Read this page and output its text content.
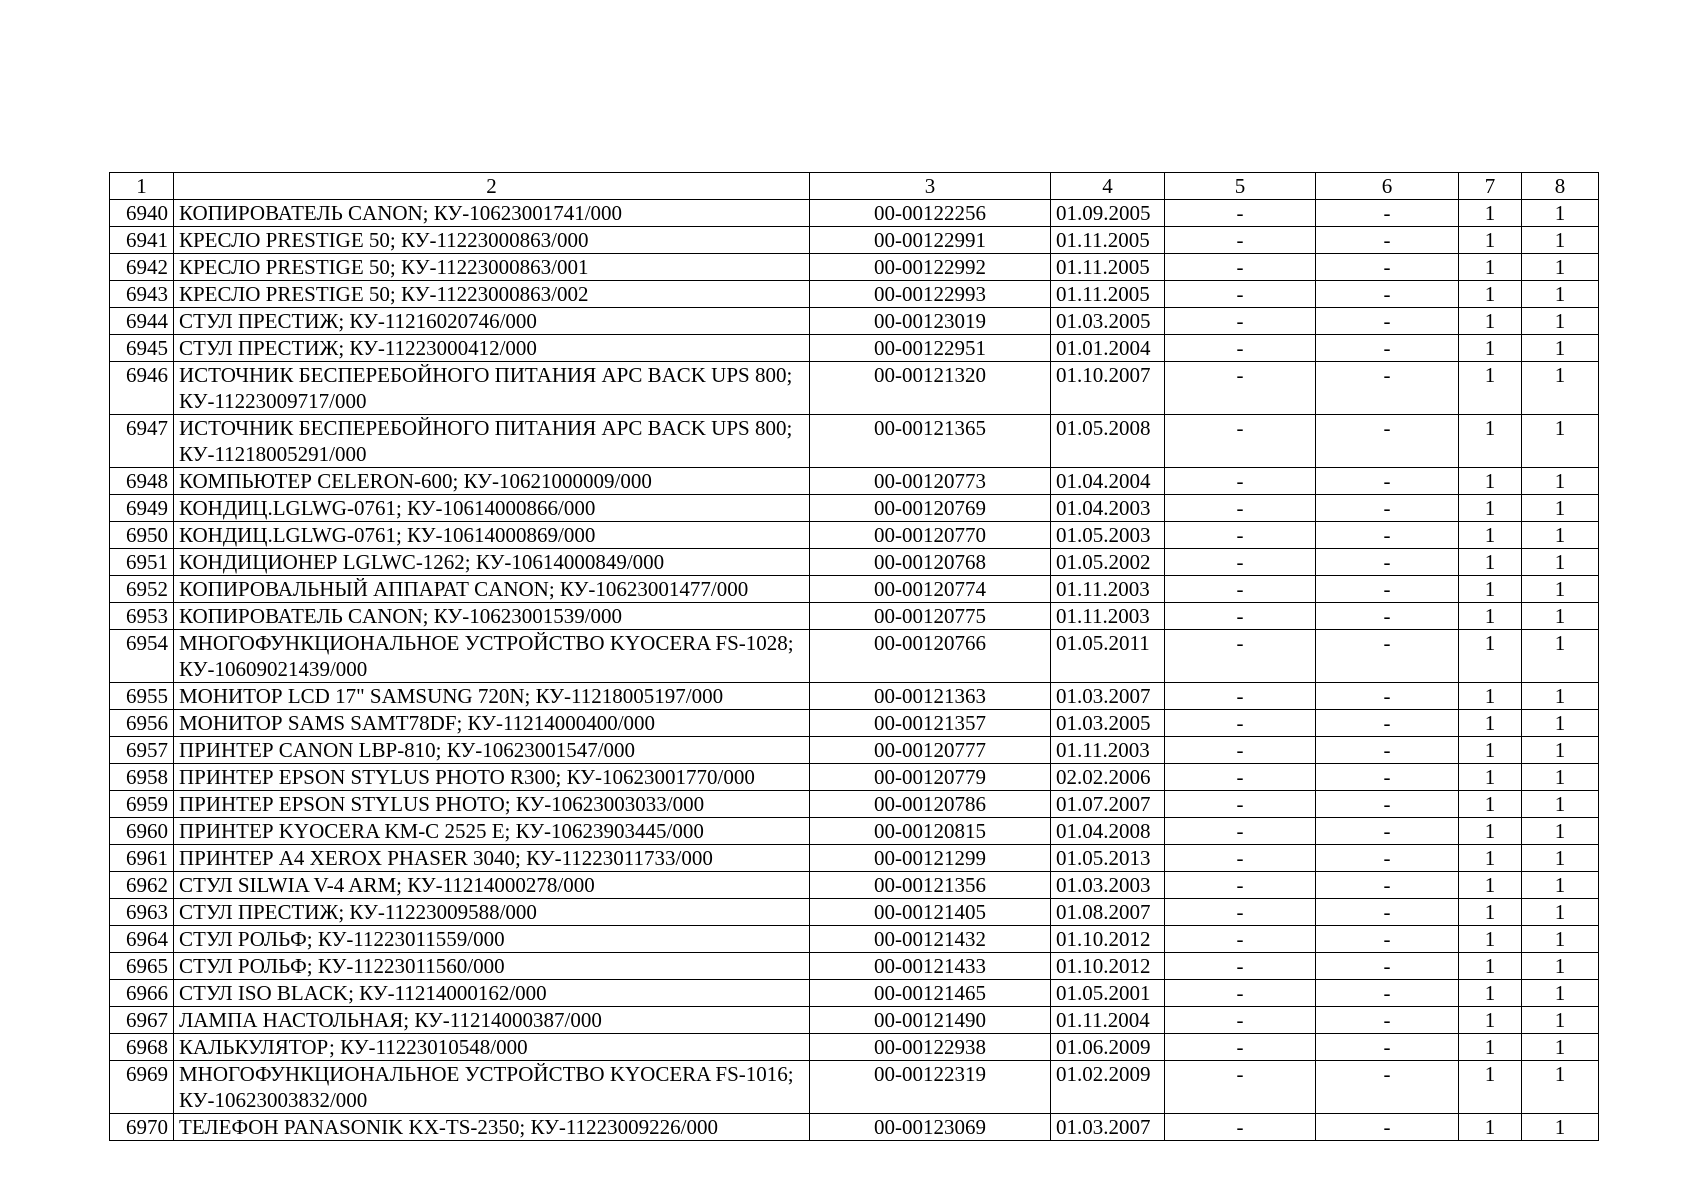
1	2	3	4	5	6	7	8
6940	КОПИРОВАТЕЛЬ CANON; КУ-10623001741/000	00-00122256	01.09.2005	-	-	1	1
6941	КРЕСЛО PRESTIGE 50; КУ-11223000863/000	00-00122991	01.11.2005	-	-	1	1
6942	КРЕСЛО PRESTIGE 50; КУ-11223000863/001	00-00122992	01.11.2005	-	-	1	1
6943	КРЕСЛО PRESTIGE 50; КУ-11223000863/002	00-00122993	01.11.2005	-	-	1	1
6944	СТУЛ ПРЕСТИЖ; КУ-11216020746/000	00-00123019	01.03.2005	-	-	1	1
6945	СТУЛ ПРЕСТИЖ; КУ-11223000412/000	00-00122951	01.01.2004	-	-	1	1
6946	ИСТОЧНИК БЕСПЕРЕБОЙНОГО ПИТАНИЯ APC BACK UPS 800; КУ-11223009717/000	00-00121320	01.10.2007	-	-	1	1
6947	ИСТОЧНИК БЕСПЕРЕБОЙНОГО ПИТАНИЯ APC BACK UPS 800; КУ-11218005291/000	00-00121365	01.05.2008	-	-	1	1
6948	КОМПЬЮТЕР CELERON-600; КУ-10621000009/000	00-00120773	01.04.2004	-	-	1	1
6949	КОНДИЦ.LGLWG-0761; КУ-10614000866/000	00-00120769	01.04.2003	-	-	1	1
6950	КОНДИЦ.LGLWG-0761; КУ-10614000869/000	00-00120770	01.05.2003	-	-	1	1
6951	КОНДИЦИОНЕР LGLWC-1262; КУ-10614000849/000	00-00120768	01.05.2002	-	-	1	1
6952	КОПИРОВАЛЬНЫЙ АППАРАТ CANON; КУ-10623001477/000	00-00120774	01.11.2003	-	-	1	1
6953	КОПИРОВАТЕЛЬ CANON; КУ-10623001539/000	00-00120775	01.11.2003	-	-	1	1
6954	МНОГОФУНКЦИОНАЛЬНОЕ УСТРОЙСТВО KYOCERA FS-1028; КУ-10609021439/000	00-00120766	01.05.2011	-	-	1	1
6955	МОНИТОР LCD 17" SAMSUNG 720N; КУ-11218005197/000	00-00121363	01.03.2007	-	-	1	1
6956	МОНИТОР SAMS SAMT78DF; КУ-11214000400/000	00-00121357	01.03.2005	-	-	1	1
6957	ПРИНТЕР CANON LBP-810; КУ-10623001547/000	00-00120777	01.11.2003	-	-	1	1
6958	ПРИНТЕР EPSON STYLUS PHOTO R300; КУ-10623001770/000	00-00120779	02.02.2006	-	-	1	1
6959	ПРИНТЕР EPSON STYLUS PHOTO; КУ-10623003033/000	00-00120786	01.07.2007	-	-	1	1
6960	ПРИНТЕР KYOCERA KM-C 2525 E; КУ-10623903445/000	00-00120815	01.04.2008	-	-	1	1
6961	ПРИНТЕР A4 XEROX PHASER 3040; КУ-11223011733/000	00-00121299	01.05.2013	-	-	1	1
6962	СТУЛ SILWIA V-4 ARM; КУ-11214000278/000	00-00121356	01.03.2003	-	-	1	1
6963	СТУЛ ПРЕСТИЖ; КУ-11223009588/000	00-00121405	01.08.2007	-	-	1	1
6964	СТУЛ РОЛЬФ; КУ-11223011559/000	00-00121432	01.10.2012	-	-	1	1
6965	СТУЛ РОЛЬФ; КУ-11223011560/000	00-00121433	01.10.2012	-	-	1	1
6966	СТУЛ ISO BLACK; КУ-11214000162/000	00-00121465	01.05.2001	-	-	1	1
6967	ЛАМПА НАСТОЛЬНАЯ; КУ-11214000387/000	00-00121490	01.11.2004	-	-	1	1
6968	КАЛЬКУЛЯТОР; КУ-11223010548/000	00-00122938	01.06.2009	-	-	1	1
6969	МНОГОФУНКЦИОНАЛЬНОЕ УСТРОЙСТВО KYOCERA FS-1016; КУ-10623003832/000	00-00122319	01.02.2009	-	-	1	1
6970	ТЕЛЕФОН PANASONIK KX-TS-2350; КУ-11223009226/000	00-00123069	01.03.2007	-	-	1	1
